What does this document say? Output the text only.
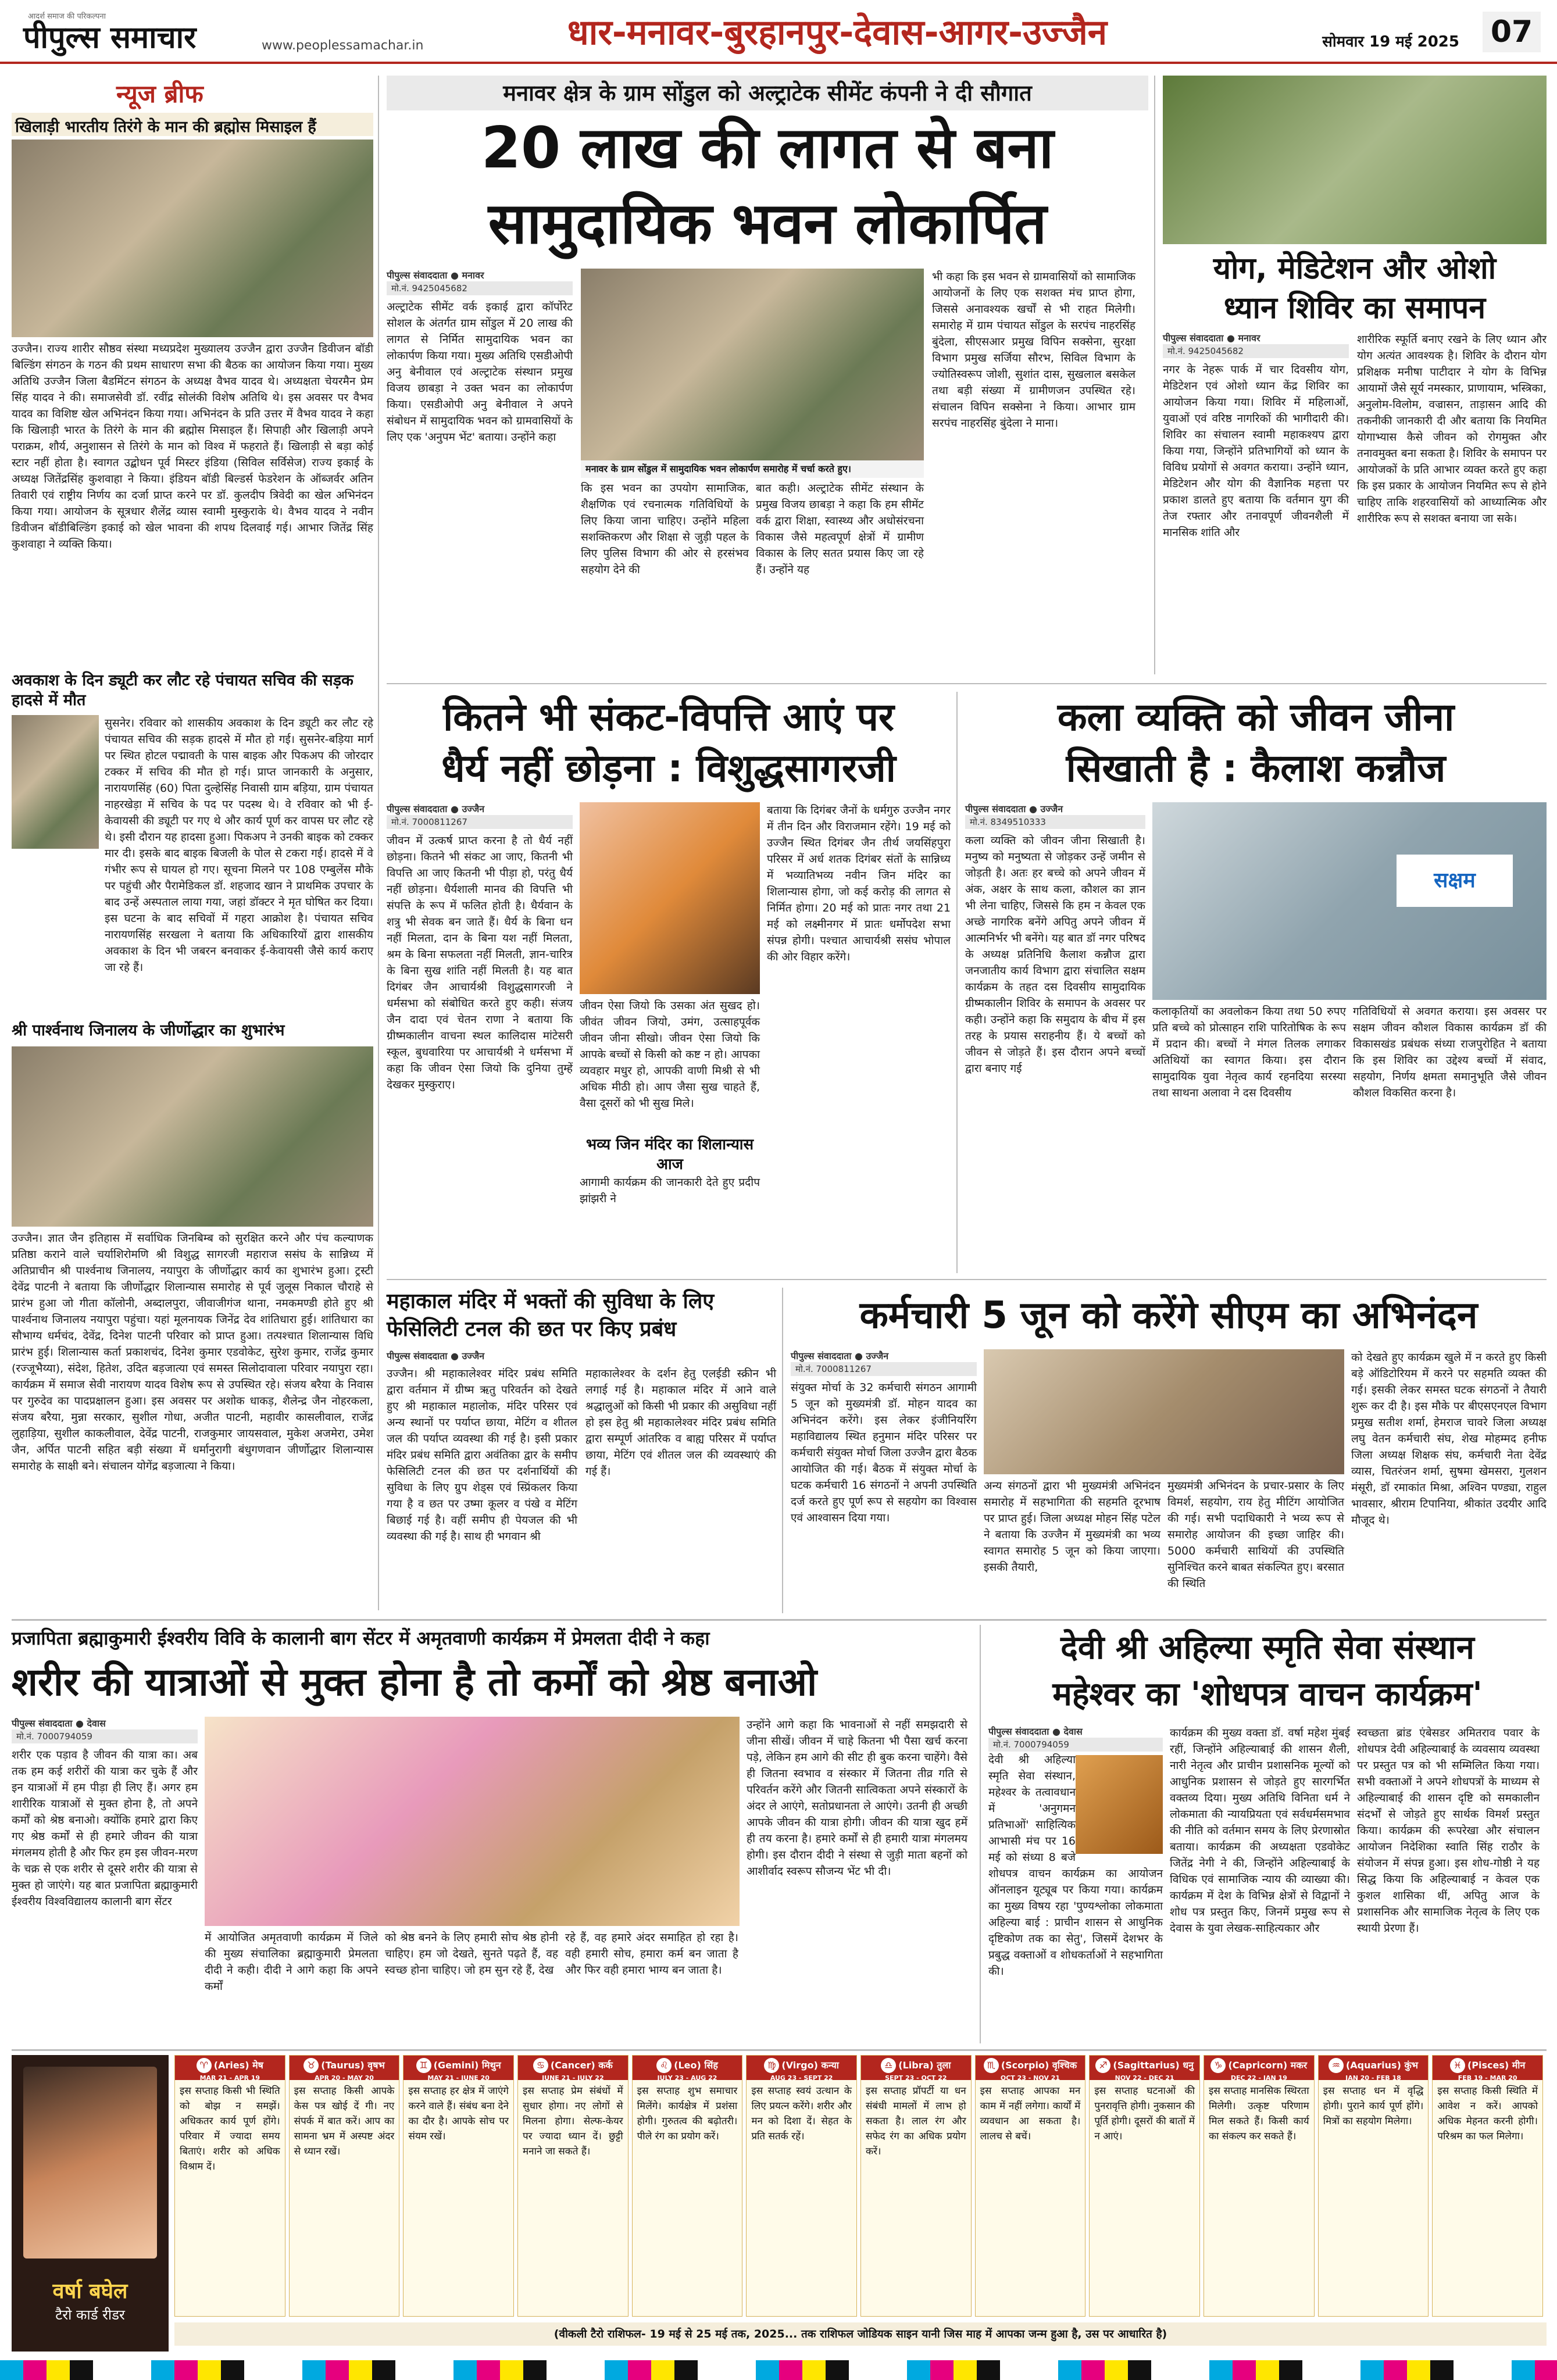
आदर्श समाज की परिकल्पना
पीपुल्स समाचार	www.peoplessamachar.in	धार-मनावर-बुरहानपुर-देवास-आगर-उज्जैन	सोमवार 19 मई 2025 07
न्यूज ब्रीफ
खिलाड़ी भारतीय तिरंगे के मान की ब्रह्मोस मिसाइल हैं
उज्जैन। राज्य शारीर सौष्ठव संस्था मध्यप्रदेश मुख्यालय उज्जैन द्वारा उज्जैन डिवीजन बॉडी बिल्डिंग संगठन के गठन की प्रथम साधारण सभा की बैठक का आयोजन किया गया। मुख्य अतिथि उज्जैन जिला बैडमिंटन संगठन के अध्यक्ष वैभव यादव थे। अध्यक्षता चेयरमैन प्रेम सिंह यादव ने की। समाजसेवी डॉ. रवींद्र सोलंकी विशेष अतिथि थे। इस अवसर पर वैभव यादव का विशिष्ट खेल अभिनंदन किया गया। अभिनंदन के प्रति उत्तर में वैभव यादव ने कहा कि खिलाड़ी भारत के तिरंगे के मान की ब्रह्मोस मिसाइल हैं। सिपाही और खिलाड़ी अपने पराक्रम, शौर्य, अनुशासन से तिरंगे के मान को विश्व में फहराते हैं। खिलाड़ी से बड़ा कोई स्टार नहीं होता है। स्वागत उद्बोधन पूर्व मिस्टर इंडिया (सिविल सर्विसेज) राज्य इकाई के अध्यक्ष जितेंद्रसिंह कुशवाहा ने किया। इंडियन बॉडी बिल्डर्स फेडरेशन के ऑब्जर्वर अतिन तिवारी एवं राष्ट्रीय निर्णय का दर्जा प्राप्त करने पर डॉ. कुलदीप त्रिवेदी का खेल अभिनंदन किया गया। आयोजन के सूत्रधार शैलेंद्र व्यास स्वामी मुस्कुराके थे। वैभव यादव ने नवीन डिवीजन बॉडीबिल्डिंग इकाई को खेल भावना की शपथ दिलवाई गई। आभार जितेंद्र सिंह कुशवाहा ने व्यक्ति किया।
अवकाश के दिन ड्यूटी कर लौट रहे पंचायत सचिव की सड़क हादसे में मौत
सुसनेर। रविवार को शासकीय अवकाश के दिन ड्यूटी कर लौट रहे पंचायत सचिव की सड़क हादसे में मौत हो गई। सुसनेर-बड़िया मार्ग पर स्थित होटल पद्मावती के पास बाइक और पिकअप की जोरदार टक्कर में सचिव की मौत हो गई। प्राप्त जानकारी के अनुसार, नारायणसिंह (60) पिता दुल्हेसिंह निवासी ग्राम बड़िया, ग्राम पंचायत नाहरखेड़ा में सचिव के पद पर पदस्थ थे। वे रविवार को भी ई-केवायसी की ड्यूटी पर गए थे और कार्य पूर्ण कर वापस घर लौट रहे थे। इसी दौरान यह हादसा हुआ। पिकअप ने उनकी बाइक को टक्कर मार दी। इसके बाद बाइक बिजली के पोल से टकरा गई। हादसे में वे गंभीर रूप से घायल हो गए। सूचना मिलने पर 108 एम्बुलेंस मौके पर पहुंची और पैरामेडिकल डॉ. शहजाद खान ने प्राथमिक उपचार के बाद उन्हें अस्पताल लाया गया, जहां डॉक्टर ने मृत घोषित कर दिया। इस घटना के बाद सचिवों में गहरा आक्रोश है। पंचायत सचिव नारायणसिंह सरखला ने बताया कि अधिकारियों द्वारा शासकीय अवकाश के दिन भी जबरन बनवाकर ई-केवायसी जैसे कार्य कराए जा रहे हैं।
श्री पार्श्वनाथ जिनालय के जीर्णोद्धार का शुभारंभ
उज्जैन। ज्ञात जैन इतिहास में सर्वाधिक जिनबिम्ब को सुरक्षित करने और पंच कल्याणक प्रतिष्ठा कराने वाले चर्याशिरोमणि श्री विशुद्ध सागरजी महाराज ससंघ के सान्निध्य में अतिप्राचीन श्री पार्श्वनाथ जिनालय, नयापुरा के जीर्णोद्धार कार्य का शुभारंभ हुआ। ट्रस्टी देवेंद्र पाटनी ने बताया कि जीर्णोद्धार शिलान्यास समारोह से पूर्व जुलूस निकाल चौराहे से प्रारंभ हुआ जो गीता कॉलोनी, अब्दालपुरा, जीवाजीगंज थाना, नमकमण्डी होते हुए श्री पार्श्वनाथ जिनालय नयापुरा पहुंचा। यहां मूलनायक जिनेंद्र देव शांतिधारा हुई। शांतिधारा का सौभाग्य धर्मचंद, देवेंद्र, दिनेश पाटनी परिवार को प्राप्त हुआ। तत्पश्चात शिलान्यास विधि प्रारंभ हुई। शिलान्यास कर्ता प्रकाशचंद, दिनेश कुमार एडवोकेट, सुरेश कुमार, राजेंद्र कुमार (रज्जूभैय्या), संदेश, हितेश, उदित बड़जात्या एवं समस्त सिलोदावाला परिवार नयापुरा रहा। कार्यक्रम में समाज सेवी नारायण यादव विशेष रूप से उपस्थित रहे। संजय बरैया के निवास पर गुरुदेव का पादप्रक्षालन हुआ। इस अवसर पर अशोक धाकड़, शैलेन्द्र जैन नोहरकला, संजय बरैया, मुन्ना सरकार, सुशील गोधा, अजीत पाटनी, महावीर कासलीवाल, राजेंद्र लुहाड़िया, सुशील काकलीवाल, देवेंद्र पाटनी, राजकुमार जायसवाल, मुकेश अजमेरा, उमेश जैन, अर्पित पाटनी सहित बड़ी संख्या में धर्मानुरागी बंधुगणवान जीर्णोद्धार शिलान्यास समारोह के साक्षी बने। संचालन योगेंद्र बड़जात्या ने किया।
मनावर क्षेत्र के ग्राम सोंडुल को अल्ट्राटेक सीमेंट कंपनी ने दी सौगात
20 लाख की लागत से बना
सामुदायिक भवन लोकार्पित
पीपुल्स संवाददाता ● मनावर
मो.नं. 9425045682
अल्ट्राटेक सीमेंट वर्क इकाई द्वारा कॉर्पोरेट सोशल के अंतर्गत ग्राम सोंडुल में 20 लाख की लागत से निर्मित सामुदायिक भवन का लोकार्पण किया गया। मुख्य अतिथि एसडीओपी अनु बेनीवाल एवं अल्ट्राटेक संस्थान प्रमुख विजय छाबड़ा ने उक्त भवन का लोकार्पण किया। एसडीओपी अनु बेनीवाल ने अपने संबोधन में सामुदायिक भवन को ग्रामवासियों के लिए एक 'अनुपम भेंट' बताया। उन्होंने कहा
मनावर के ग्राम सोंडुल में सामुदायिक भवन लोकार्पण समारोह में चर्चा करते हुए।
कि इस भवन का उपयोग सामाजिक, शैक्षणिक एवं रचनात्मक गतिविधियों के लिए किया जाना चाहिए। उन्होंने महिला सशक्तिकरण और शिक्षा से जुड़ी पहल के लिए पुलिस विभाग की ओर से हरसंभव सहयोग देने की
बात कही। अल्ट्राटेक सीमेंट संस्थान के प्रमुख विजय छाबड़ा ने कहा कि हम सीमेंट वर्क द्वारा शिक्षा, स्वास्थ्य और अधोसंरचना विकास जैसे महत्वपूर्ण क्षेत्रों में ग्रामीण विकास के लिए सतत प्रयास किए जा रहे हैं। उन्होंने यह
भी कहा कि इस भवन से ग्रामवासियों को सामाजिक आयोजनों के लिए एक सशक्त मंच प्राप्त होगा, जिससे अनावश्यक खर्चों से भी राहत मिलेगी। समारोह में ग्राम पंचायत सोंडुल के सरपंच नाहरसिंह बुंदेला, सीएसआर प्रमुख विपिन सक्सेना, सुरक्षा विभाग प्रमुख सर्जिया सौरभ, सिविल विभाग के ज्योतिस्वरूप जोशी, सुशांत दास, सुखलाल बसकेल तथा बड़ी संख्या में ग्रामीणजन उपस्थित रहे। संचालन विपिन सक्सेना ने किया। आभार ग्राम सरपंच नाहरसिंह बुंदेला ने माना।
योग, मेडिटेशन और ओशो
ध्यान शिविर का समापन
पीपुल्स संवाददाता ● मनावर
मो.नं. 9425045682
नगर के नेहरू पार्क में चार दिवसीय योग, मेडिटेशन एवं ओशो ध्यान केंद्र शिविर का आयोजन किया गया। शिविर में महिलाओं, युवाओं एवं वरिष्ठ नागरिकों की भागीदारी की। शिविर का संचालन स्वामी महाकश्यप द्वारा किया गया, जिन्होंने प्रतिभागियों को ध्यान के विविध प्रयोगों से अवगत कराया। उन्होंने ध्यान, मेडिटेशन और योग की वैज्ञानिक महत्ता पर प्रकाश डालते हुए बताया कि वर्तमान युग की तेज रफ्तार और तनावपूर्ण जीवनशैली में मानसिक शांति और
शारीरिक स्फूर्ति बनाए रखने के लिए ध्यान और योग अत्यंत आवश्यक है। शिविर के दौरान योग प्रशिक्षक मनीषा पाटीदार ने योग के विभिन्न आयामों जैसे सूर्य नमस्कार, प्राणायाम, भस्त्रिका, अनुलोम-विलोम, वज्रासन, ताड़ासन आदि की तकनीकी जानकारी दी और बताया कि नियमित योगाभ्यास कैसे जीवन को रोगमुक्त और तनावमुक्त बना सकता है। शिविर के समापन पर आयोजकों के प्रति आभार व्यक्त करते हुए कहा कि इस प्रकार के आयोजन नियमित रूप से होने चाहिए ताकि शहरवासियों को आध्यात्मिक और शारीरिक रूप से सशक्त बनाया जा सके।
कितने भी संकट-विपत्ति आएं पर
धैर्य नहीं छोड़ना : विशुद्धसागरजी
पीपुल्स संवाददाता ● उज्जैन
मो.नं. 7000811267
जीवन में उत्कर्ष प्राप्त करना है तो धैर्य नहीं छोड़ना। कितने भी संकट आ जाए, कितनी भी विपत्ति आ जाए कितनी भी पीड़ा हो, परंतु धैर्य नहीं छोड़ना। धैर्यशाली मानव की विपत्ति भी संपत्ति के रूप में फलित होती है। धैर्यवान के शत्रु भी सेवक बन जाते हैं। धैर्य के बिना धन नहीं मिलता, दान के बिना यश नहीं मिलता, श्रम के बिना सफलता नहीं मिलती, ज्ञान-चारित्र के बिना सुख शांति नहीं मिलती है। यह बात दिगंबर जैन आचार्यश्री विशुद्धसागरजी ने धर्मसभा को संबोधित करते हुए कही। संजय जैन दादा एवं चेतन राणा ने बताया कि ग्रीष्मकालीन वाचना स्थल कालिदास मांटेसरी स्कूल, बुधवारिया पर आचार्यश्री ने धर्मसभा में कहा कि जीवन ऐसा जियो कि दुनिया तुम्हें देखकर मुस्कुराए।
जीवन ऐसा जियो कि उसका अंत सुखद हो। जीवंत जीवन जियो, उमंग, उत्साहपूर्वक जीवन जीना सीखो। जीवन ऐसा जियो कि आपके बच्चों से किसी को कष्ट न हो। आपका व्यवहार मधुर हो, आपकी वाणी मिश्री से भी अधिक मीठी हो। आप जैसा सुख चाहते हैं, वैसा दूसरों को भी सुख मिले।
भव्य जिन मंदिर का शिलान्यास आज
आगामी कार्यक्रम की जानकारी देते हुए प्रदीप झांझरी ने
बताया कि दिगंबर जैनों के धर्मगुरु उज्जैन नगर में तीन दिन और विराजमान रहेंगे। 19 मई को उज्जैन स्थित दिगंबर जैन तीर्थ जयसिंहपुरा परिसर में अर्ध शतक दिगंबर संतों के सान्निध्य में भव्यातिभव्य नवीन जिन मंदिर का शिलान्यास होगा, जो कई करोड़ की लागत से निर्मित होगा। 20 मई को प्रातः नगर तथा 21 मई को लक्ष्मीनगर में प्रातः धर्मोपदेश सभा संपन्न होगी। पश्चात आचार्यश्री ससंघ भोपाल की ओर विहार करेंगे।
कला व्यक्ति को जीवन जीना
सिखाती है : कैलाश कन्नौज
पीपुल्स संवाददाता ● उज्जैन
मो.नं. 8349510333
कला व्यक्ति को जीवन जीना सिखाती है। मनुष्य को मनुष्यता से जोड़कर उन्हें जमीन से जोड़ती है। अतः हर बच्चे को अपने जीवन में अंक, अक्षर के साथ कला, कौशल का ज्ञान भी लेना चाहिए, जिससे कि हम न केवल एक अच्छे नागरिक बनेंगे अपितु अपने जीवन में आत्मनिर्भर भी बनेंगे। यह बात डॉ नगर परिषद के अध्यक्ष प्रतिनिधि कैलाश कन्नौज द्वारा जनजातीय कार्य विभाग द्वारा संचालित सक्षम कार्यक्रम के तहत दस दिवसीय सामुदायिक ग्रीष्मकालीन शिविर के समापन के अवसर पर कही। उन्होंने कहा कि समुदाय के बीच में इस तरह के प्रयास सराहनीय हैं। ये बच्चों को जीवन से जोड़ते हैं। इस दौरान अपने बच्चों द्वारा बनाए गई
सक्षम
कलाकृतियों का अवलोकन किया तथा 50 रुपए प्रति बच्चे को प्रोत्साहन राशि पारितोषिक के रूप में प्रदान की। बच्चों ने मंगल तिलक लगाकर अतिथियों का स्वागत किया। इस दौरान सामुदायिक युवा नेतृत्व कार्य रहनदिया सरस्या तथा साथना अलावा ने दस दिवसीय
गतिविधियों से अवगत कराया। इस अवसर पर सक्षम जीवन कौशल विकास कार्यक्रम डॉ की विकासखंड प्रबंधक संध्या राजपुरोहित ने बताया कि इस शिविर का उद्देश्य बच्चों में संवाद, सहयोग, निर्णय क्षमता समानुभूति जैसे जीवन कौशल विकसित करना है।
महाकाल मंदिर में भक्तों की सुविधा के लिए
फेसिलिटी टनल की छत पर किए प्रबंध
पीपुल्स संवाददाता ● उज्जैन
उज्जैन। श्री महाकालेश्वर मंदिर प्रबंध समिति द्वारा वर्तमान में ग्रीष्म ऋतु परिवर्तन को देखते हुए श्री महाकाल महालोक, मंदिर परिसर एवं अन्य स्थानों पर पर्याप्त छाया, मेटिंग व शीतल जल की पर्याप्त व्यवस्था की गई है। इसी प्रकार मंदिर प्रबंध समिति द्वारा अवंतिका द्वार के समीप फेसिलिटी टनल की छत पर दर्शनार्थियों की सुविधा के लिए ग्रुप शेड्स एवं स्प्रिंकलर किया गया है व छत पर उष्मा कूलर व पंखे व मेटिंग बिछाई गई है। वहीं समीप ही पेयजल की भी व्यवस्था की गई है। साथ ही भगवान श्री
महाकालेश्वर के दर्शन हेतु एलईडी स्क्रीन भी लगाई गई है। महाकाल मंदिर में आने वाले श्रद्धालुओं को किसी भी प्रकार की असुविधा नहीं हो इस हेतु श्री महाकालेश्वर मंदिर प्रबंध समिति द्वारा सम्पूर्ण आंतरिक व बाह्य परिसर में पर्याप्त छाया, मेटिंग एवं शीतल जल की व्यवस्थाएं की गई हैं।
कर्मचारी 5 जून को करेंगे सीएम का अभिनंदन
पीपुल्स संवाददाता ● उज्जैन
मो.नं. 7000811267
संयुक्त मोर्चा के 32 कर्मचारी संगठन आगामी 5 जून को मुख्यमंत्री डॉ. मोहन यादव का अभिनंदन करेंगे। इस लेकर इंजीनियरिंग महाविद्यालय स्थित हनुमान मंदिर परिसर पर कर्मचारी संयुक्त मोर्चा जिला उज्जैन द्वारा बैठक आयोजित की गई। बैठक में संयुक्त मोर्चा के घटक कर्मचारी 16 संगठनों ने अपनी उपस्थिति दर्ज करते हुए पूर्ण रूप से सहयोग का विश्वास एवं आश्वासन दिया गया।
अन्य संगठनों द्वारा भी मुख्यमंत्री अभिनंदन समारोह में सहभागिता की सहमति दूरभाष पर प्राप्त हुई। जिला अध्यक्ष मोहन सिंह पटेल ने बताया कि उज्जैन में मुख्यमंत्री का भव्य स्वागत समारोह 5 जून को किया जाएगा। इसकी तैयारी,
मुख्यमंत्री अभिनंदन के प्रचार-प्रसार के लिए विमर्श, सहयोग, राय हेतु मीटिंग आयोजित की गई। सभी पदाधिकारी ने भव्य रूप से समारोह आयोजन की इच्छा जाहिर की। 5000 कर्मचारी साथियों की उपस्थिति सुनिश्चित करने बाबत संकल्पित हुए। बरसात की स्थिति
को देखते हुए कार्यक्रम खुले में न करते हुए किसी बड़े ऑडिटोरियम में करने पर सहमति व्यक्त की गई। इसकी लेकर समस्त घटक संगठनों ने तैयारी शुरू कर दी है। इस मौके पर बीएसएनएल विभाग प्रमुख सतीश शर्मा, हेमराज चावरे जिला अध्यक्ष लघु वेतन कर्मचारी संघ, शेख मोहम्मद हनीफ जिला अध्यक्ष शिक्षक संघ, कर्मचारी नेता देवेंद्र व्यास, चितरंजन शर्मा, सुषमा खेमसरा, गुलशन मंसूरी, डॉ रमाकांत मिश्रा, अश्विन पण्ड्या, राहुल भावसार, श्रीराम टिपानिया, श्रीकांत उदयीर आदि मौजूद थे।
प्रजापिता ब्रह्माकुमारी ईश्वरीय विवि के कालानी बाग सेंटर में अमृतवाणी कार्यक्रम में प्रेमलता दीदी ने कहा
शरीर की यात्राओं से मुक्त होना है तो कर्मों को श्रेष्ठ बनाओ
पीपुल्स संवाददाता ● देवास
मो.नं. 7000794059
शरीर एक पड़ाव है जीवन की यात्रा का। अब तक हम कई शरीरों की यात्रा कर चुके हैं और इन यात्राओं में हम पीड़ा ही लिए हैं। अगर हम शारीरिक यात्राओं से मुक्त होना है, तो अपने कर्मों को श्रेष्ठ बनाओ। क्योंकि हमारे द्वारा किए गए श्रेष्ठ कर्मों से ही हमारे जीवन की यात्रा मंगलमय होती है और फिर हम इस जीवन-मरण के चक्र से एक शरीर से दूसरे शरीर की यात्रा से मुक्त हो जाएंगे। यह बात प्रजापिता ब्रह्माकुमारी ईश्वरीय विश्वविद्यालय कालानी बाग सेंटर
में आयोजित अमृतवाणी कार्यक्रम में जिले की मुख्य संचालिका ब्रह्माकुमारी प्रेमलता दीदी ने कही। दीदी ने आगे कहा कि अपने कर्मों
को श्रेष्ठ बनने के लिए हमारी सोच श्रेष्ठ होनी चाहिए। हम जो देखते, सुनते पढ़ते हैं, वह स्वच्छ होना चाहिए। जो हम सुन रहे हैं, देख
रहे हैं, वह हमारे अंदर समाहित हो रहा है। वही हमारी सोच, हमारा कर्म बन जाता है और फिर वही हमारा भाग्य बन जाता है।
उन्होंने आगे कहा कि भावनाओं से नहीं समझदारी से जीना सीखें। जीवन में चाहे कितना भी पैसा खर्च करना पड़े, लेकिन हम आगे की सीट ही बुक करना चाहेंगे। वैसे ही जितना स्वभाव व संस्कार में जितना तीव्र गति से परिवर्तन करेंगे और जितनी सात्विकता अपने संस्कारों के अंदर ले आएंगे, सतोप्रधानता ले आएंगे। उतनी ही अच्छी आपके जीवन की यात्रा होगी। जीवन की यात्रा खुद हमें ही तय करना है। हमारे कर्मों से ही हमारी यात्रा मंगलमय होगी। इस दौरान दीदी ने संस्था से जुड़ी माता बहनों को आशीर्वाद स्वरूप सौजन्य भेंट भी दी।
देवी श्री अहिल्या स्मृति सेवा संस्थान
महेश्वर का 'शोधपत्र वाचन कार्यक्रम'
पीपुल्स संवाददाता ● देवास
मो.नं. 7000794059
देवी श्री अहिल्या स्मृति सेवा संस्थान, महेश्वर के तत्वावधान में 'अनुगमन प्रतिभाओं' साहित्यिक आभासी मंच पर 16 मई को संध्या 8 बजे शोधपत्र वाचन कार्यक्रम का आयोजन ऑनलाइन यूट्यूब पर किया गया। कार्यक्रम का मुख्य विषय रहा 'पुण्यश्लोका लोकमाता अहिल्या बाई : प्राचीन शासन से आधुनिक दृष्टिकोण तक का सेतु', जिसमें देशभर के प्रबुद्ध वक्ताओं व शोधकर्ताओं ने सहभागिता की।
कार्यक्रम की मुख्य वक्ता डॉ. वर्षा महेश मुंबई रहीं, जिन्होंने अहिल्याबाई की शासन शैली, नारी नेतृत्व और प्राचीन प्रशासनिक मूल्यों को आधुनिक प्रशासन से जोड़ते हुए सारगर्भित वक्तव्य दिया। मुख्य अतिथि विनिता धर्म ने लोकमाता की न्यायप्रियता एवं सर्वधर्मसमभाव की नीति को वर्तमान समय के लिए प्रेरणास्रोत बताया। कार्यक्रम की अध्यक्षता एडवोकेट जितेंद्र नेगी ने की, जिन्होंने अहिल्याबाई के विधिक एवं सामाजिक न्याय की व्याख्या की। कार्यक्रम में देश के विभिन्न क्षेत्रों से विद्वानों ने शोध पत्र प्रस्तुत किए, जिनमें प्रमुख रूप से देवास के युवा लेखक-साहित्यकार और
स्वच्छता ब्रांड एंबेसडर अमितराव पवार के शोधपत्र देवी अहिल्याबाई के व्यवसाय व्यवस्था पर प्रस्तुत पत्र को भी सम्मिलित किया गया। सभी वक्ताओं ने अपने शोधपत्रों के माध्यम से अहिल्याबाई की शासन दृष्टि को समकालीन संदर्भों से जोड़ते हुए सार्थक विमर्श प्रस्तुत किया। कार्यक्रम की रूपरेखा और संचालन आयोजन निदेशिका स्वाति सिंह राठौर के संयोजन में संपन्न हुआ। इस शोध-गोष्ठी ने यह सिद्ध किया कि अहिल्याबाई न केवल एक कुशल शासिका थीं, अपितु आज के प्रशासनिक और सामाजिक नेतृत्व के लिए एक स्थायी प्रेरणा हैं।
वर्षा बघेल
टैरो कार्ड रीडर
♈ (Aries) मेष
MAR 21 - APR 19
इस सप्ताह किसी भी स्थिति को बोझ न समझें। अधिकतर कार्य पूर्ण होंगे। परिवार में ज्यादा समय बिताएं। शरीर को अधिक विश्राम दें।
♉ (Taurus) वृषभ
APR 20 - MAY 20
इस सप्ताह किसी आपके केस पत्र खोई दें गी। नए संपर्क में बात करें। आप का सामना भ्रम में अस्पष्ट अंदर से ध्यान रखें।
♊ (Gemini) मिथुन
MAY 21 - JUNE 20
इस सप्ताह हर क्षेत्र में जाएंगे करने वाले हैं। संबंध बना देने का दौर है। आपके सोच पर संयम रखें।
♋ (Cancer) कर्क
JUNE 21 - JULY 22
इस सप्ताह प्रेम संबंधों में सुधार होगा। नए लोगों से मिलना होगा। सेल्फ-केयर पर ज्यादा ध्यान दें। छुट्टी मनाने जा सकते हैं।
♌ (Leo) सिंह
JULY 23 - AUG 22
इस सप्ताह शुभ समाचार मिलेंगे। कार्यक्षेत्र में प्रशंसा होगी। गुरुतत्व की बढ़ोतरी। पीले रंग का प्रयोग करें।
♍ (Virgo) कन्या
AUG 23 - SEPT 22
इस सप्ताह स्वयं उत्थान के लिए प्रयत्न करेंगे। शरीर और मन को दिशा दें। सेहत के प्रति सतर्क रहें।
♎ (Libra) तुला
SEPT 23 - OCT 22
इस सप्ताह प्रॉपर्टी या धन संबंधी मामलों में लाभ हो सकता है। लाल रंग और सफेद रंग का अधिक प्रयोग करें।
♏ (Scorpio) वृश्चिक
OCT 23 - NOV 21
इस सप्ताह आपका मन काम में नहीं लगेगा। कार्यों में व्यवधान आ सकता है। लालच से बचें।
♐ (Sagittarius) धनु
NOV 22 - DEC 21
इस सप्ताह घटनाओं की पुनरावृत्ति होगी। नुकसान की पूर्ति होगी। दूसरों की बातों में न आएं।
♑ (Capricorn) मकर
DEC 22 - JAN 19
इस सप्ताह मानसिक स्थिरता मिलेगी। उत्कृष्ट परिणाम मिल सकते हैं। किसी कार्य का संकल्प कर सकते हैं।
♒ (Aquarius) कुंभ
JAN 20 - FEB 18
इस सप्ताह धन में वृद्धि होगी। पुराने कार्य पूर्ण होंगे। मित्रों का सहयोग मिलेगा।
♓ (Pisces) मीन
FEB 19 - MAR 20
इस सप्ताह किसी स्थिति में आवेश न करें। आपको अधिक मेहनत करनी होगी। परिश्रम का फल मिलेगा।
(वीकली टैरो राशिफल- 19 मई से 25 मई तक, 2025... तक राशिफल जोडियक साइन यानी जिस माह में आपका जन्म हुआ है, उस पर आधारित है)
